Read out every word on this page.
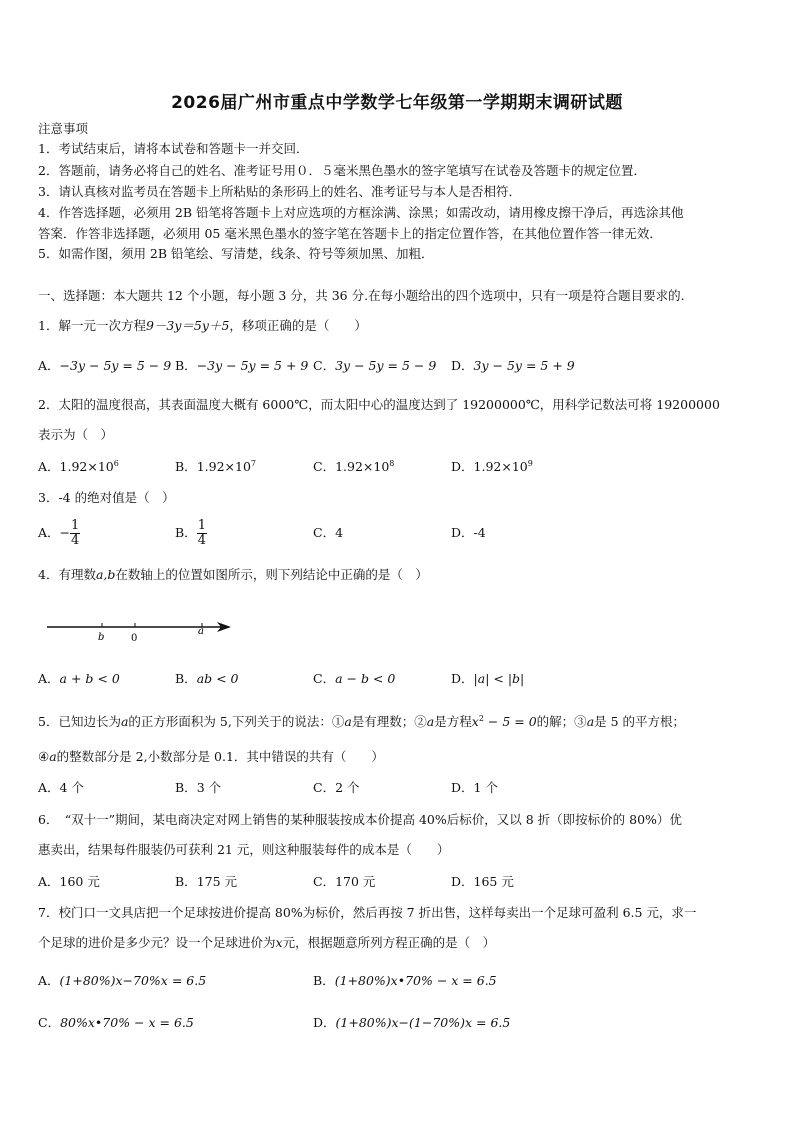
2026届广州市重点中学数学七年级第一学期期末调研试题
注意事项
1．考试结束后，请将本试卷和答题卡一并交回．
2．答题前，请务必将自己的姓名、准考证号用０．５毫米黑色墨水的签字笔填写在试卷及答题卡的规定位置．
3．请认真核对监考员在答题卡上所粘贴的条形码上的姓名、准考证号与本人是否相符．
4．作答选择题，必须用 2B 铅笔将答题卡上对应选项的方框涂满、涂黑；如需改动，请用橡皮擦干净后，再选涂其他
答案．作答非选择题，必须用 05 毫米黑色墨水的签字笔在答题卡上的指定位置作答，在其他位置作答一律无效．
5．如需作图，须用 2B 铅笔绘、写清楚，线条、符号等须加黑、加粗．
一、选择题：本大题共 12 个小题，每小题 3 分，共 36 分.在每小题给出的四个选项中，只有一项是符合题目要求的.
1．解一元一次方程9－3y＝5y＋5，移项正确的是（　　）
A．−3y − 5y = 5 − 9 B．−3y − 5y = 5 + 9 C．3y − 5y = 5 − 9 D．3y − 5y = 5 + 9
2．太阳的温度很高，其表面温度大概有 6000℃，而太阳中心的温度达到了 19200000℃，用科学记数法可将 19200000
表示为（　）
A．$1.92\times 10^6$	B．$1.92\times 10^7$	C．$1.92\times 10^8$	D．$1.92\times 10^9$
3．-4 的绝对值是（　）
A．− $\frac{1}{4}$	B． $\frac{1}{4}$	C．4	D．-4
4．有理数a,b在数轴上的位置如图所示，则下列结论中正确的是（　）
b	0
a
A．a + b < 0	B．ab < 0	C．a − b < 0	D．|a| < |b|
5．已知边长为a的正方形面积为 5,下列关于的说法：①a是有理数；②a是方程$x^2 - 5 = 0$的解；③a是 5 的平方根；
④a的整数部分是 2,小数部分是 0.1．其中错误的共有（　　）
A．4 个	B．3 个	C．2 个	D．1 个
6．　“双十一”期间，某电商决定对网上销售的某种服装按成本价提高 40%后标价，又以 8 折（即按标价的 80%）优
惠卖出，结果每件服装仍可获利 21 元，则这种服装每件的成本是（　　）
A．160 元	B．175 元	C．170 元	D．165 元
7．校门口一文具店把一个足球按进价提高 80%为标价，然后再按 7 折出售，这样每卖出一个足球可盈利 6.5 元，求一
个足球的进价是多少元？设一个足球进价为x元，根据题意所列方程正确的是（　）
A．(1+80%)x−70%x = 6.5	B．(1+80%)x•70% − x = 6.5
C．80%x•70% − x = 6.5	D．(1+80%)x−(1−70%)x = 6.5
